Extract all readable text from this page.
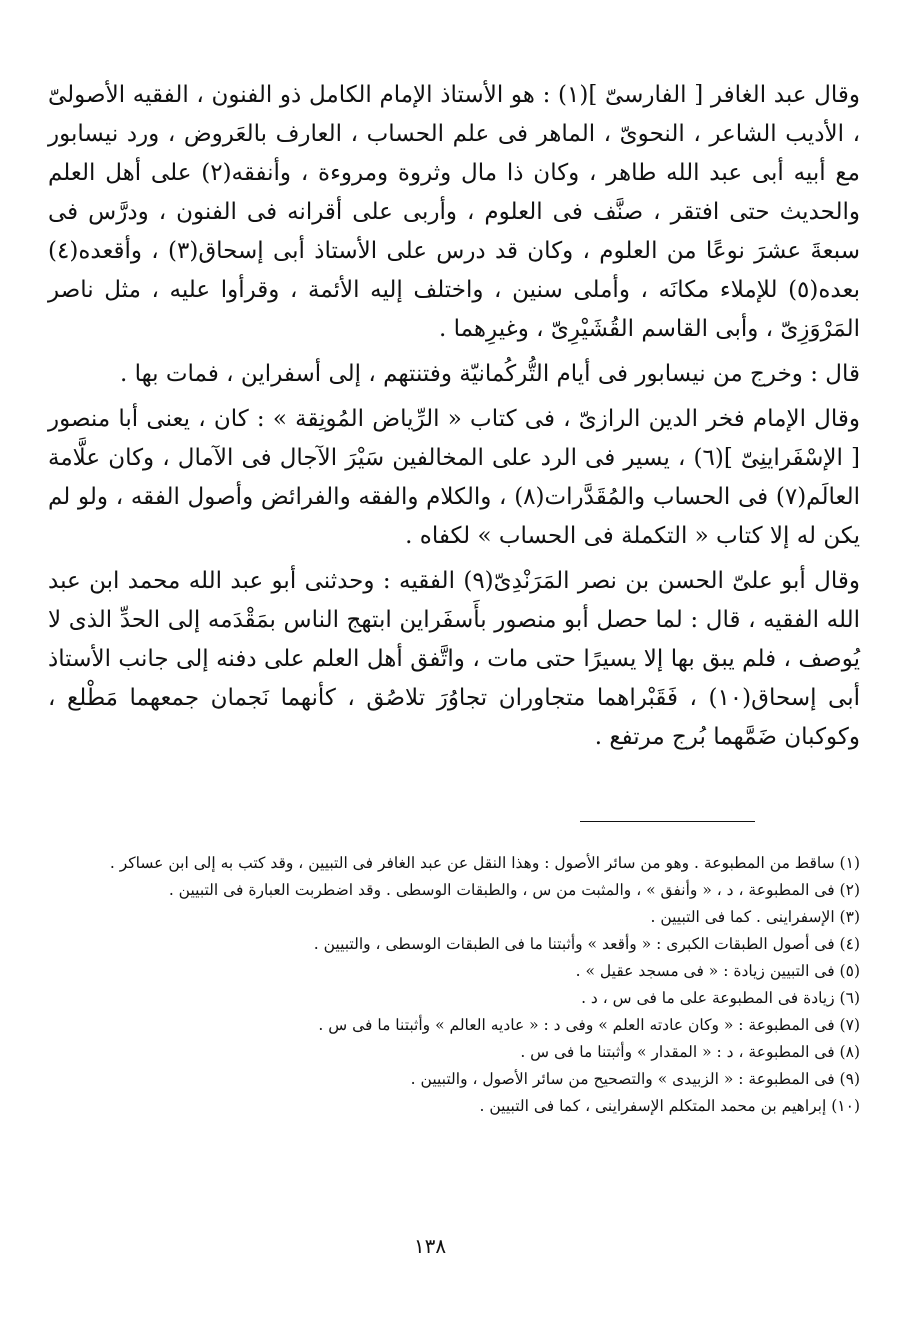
وقال عبد الغافر [ الفارسىّ ](١) : هو الأستاذ الإمام الكامل ذو الفنون ، الفقيه الأصولىّ ، الأديب الشاعر ، النحوىّ ، الماهر فى علم الحساب ، العارف بالعَروض ، ورد نيسابور مع أبيه أبى عبد الله طاهر ، وكان ذا مال وثروة ومروءة ، وأنفقه(٢) على أهل العلم والحديث حتى افتقر ، صنَّف فى العلوم ، وأربى على أقرانه فى الفنون ، ودرَّس فى سبعةَ عشرَ نوعًا من العلوم ، وكان قد درس على الأستاذ أبى إسحاق(٣) ، وأقعده(٤) بعده(٥) للإملاء مكانَه ، وأملى سنين ، واختلف إليه الأئمة ، وقرأوا عليه ، مثل ناصر المَرْوَزِىّ ، وأبى القاسم القُشَيْرِىّ ، وغيرِهما .

قال : وخرج من نيسابور فى أيام التُّركُمانيّة وفتنتهم ، إلى أسفراين ، فمات بها .

وقال الإمام فخر الدين الرازىّ ، فى كتاب « الرِّياض المُونِقة » : كان ، يعنى أبا منصور [ الإسْفَراينِىّ ](٦) ، يسير فى الرد على المخالفين سَيْرَ الآجال فى الآمال ، وكان علَّامة العالَم(٧) فى الحساب والمُقَدَّرات(٨) ، والكلام والفقه والفرائض وأصول الفقه ، ولو لم يكن له إلا كتاب « التكملة فى الحساب » لكفاه .

وقال أبو علىّ الحسن بن نصر المَرَنْدِىّ(٩) الفقيه : وحدثنى أبو عبد الله محمد ابن عبد الله الفقيه ، قال : لما حصل أبو منصور بأَسفَراين ابتهج الناس بمَقْدَمه إلى الحدِّ الذى لا يُوصف ، فلم يبق بها إلا يسيرًا حتى مات ، واتَّفق أهل العلم على دفنه إلى جانب الأستاذ أبى إسحاق(١٠) ، فَقَبْراهما متجاوران تجاوُرَ تلاصُق ، كأنهما نَجمان جمعهما مَطْلع ، وكوكبان ضَمَّهما بُرج مرتفع .

(١) ساقط من المطبوعة . وهو من سائر الأصول : وهذا النقل عن عبد الغافر فى التبيين ، وقد كتب به إلى ابن عساكر .

(٢) فى المطبوعة ، د ، « وأنفق » ، والمثبت من س ، والطبقات الوسطى . وقد اضطربت العبارة فى التبيين .

(٣) الإسفراينى . كما فى التبيين .

(٤) فى أصول الطبقات الكبرى : « وأقعد » وأثبتنا ما فى الطبقات الوسطى ، والتبيين .

(٥) فى التبيين زيادة : « فى مسجد عقيل » .

(٦) زيادة فى المطبوعة على ما فى س ، د .

(٧) فى المطبوعة : « وكان عادته العلم » وفى د : « عاديه العالم » وأثبتنا ما فى س .

(٨) فى المطبوعة ، د : « المقدار » وأثبتنا ما فى س .

(٩) فى المطبوعة : « الزبيدى » والتصحيح من سائر الأصول ، والتبيين .

(١٠) إبراهيم بن محمد المتكلم الإسفراينى ، كما فى التبيين .

١٣٨
